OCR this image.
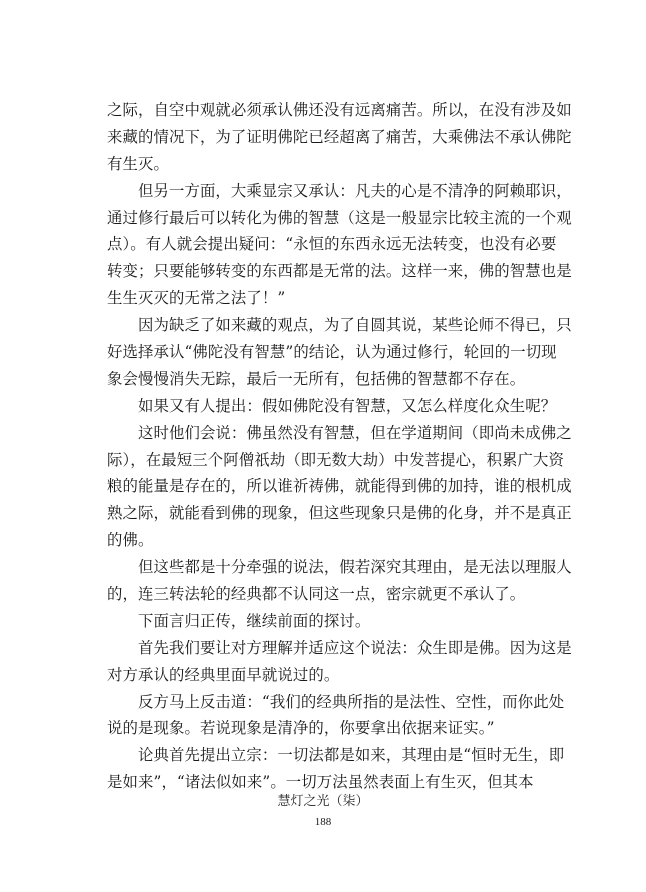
之际，自空中观就必须承认佛还没有远离痛苦。所以，在没有涉及如
来藏的情况下，为了证明佛陀已经超离了痛苦，大乘佛法不承认佛陀
有生灭。
　　但另一方面，大乘显宗又承认：凡夫的心是不清净的阿赖耶识，
通过修行最后可以转化为佛的智慧（这是一般显宗比较主流的一个观
点）。有人就会提出疑问：“永恒的东西永远无法转变，也没有必要
转变；只要能够转变的东西都是无常的法。这样一来，佛的智慧也是
生生灭灭的无常之法了！”
　　因为缺乏了如来藏的观点，为了自圆其说，某些论师不得已，只
好选择承认“佛陀没有智慧”的结论，认为通过修行，轮回的一切现
象会慢慢消失无踪，最后一无所有，包括佛的智慧都不存在。
　　如果又有人提出：假如佛陀没有智慧，又怎么样度化众生呢？
　　这时他们会说：佛虽然没有智慧，但在学道期间（即尚未成佛之
际），在最短三个阿僧祇劫（即无数大劫）中发菩提心，积累广大资
粮的能量是存在的，所以谁祈祷佛，就能得到佛的加持，谁的根机成
熟之际，就能看到佛的现象，但这些现象只是佛的化身，并不是真正
的佛。
　　但这些都是十分牵强的说法，假若深究其理由，是无法以理服人
的，连三转法轮的经典都不认同这一点，密宗就更不承认了。
　　下面言归正传，继续前面的探讨。
　　首先我们要让对方理解并适应这个说法：众生即是佛。因为这是
对方承认的经典里面早就说过的。
　　反方马上反击道：“我们的经典所指的是法性、空性，而你此处
说的是现象。若说现象是清净的，你要拿出依据来证实。”
　　论典首先提出立宗：一切法都是如来，其理由是“恒时无生，即
是如来”，“诸法似如来”。一切万法虽然表面上有生灭，但其本
慧灯之光（柒）
188
